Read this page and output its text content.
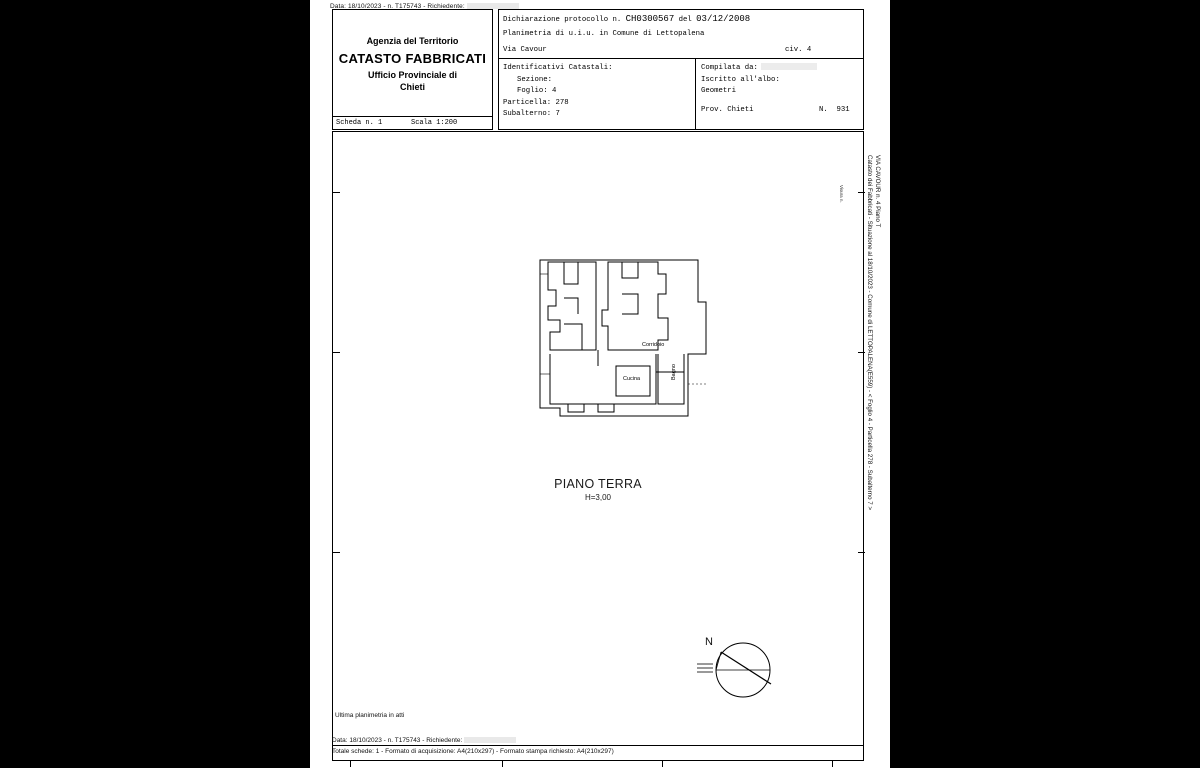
Data: 18/10/2023 - n. T175743 - Richiedente:
Agenzia del Territorio
CATASTO FABBRICATI
Ufficio Provinciale di
Chieti
Scheda n. 1	Scala 1:200
Dichiarazione protocollo n. CH0300567 del 03/12/2008
Planimetria di u.i.u. in Comune di Lettopalena
Via Cavour	civ. 4
Identificativi Catastali:
Sezione:
Foglio: 4
Particella: 278
Subalterno: 7
Compilata da:
Iscritto all'albo:
Geometri
Prov. Chieti	N. 931
Corridoio
Cucina	Bagno
PIANO TERRA
H=3,00
N
Ultima planimetria in atti
Data: 18/10/2023 - n. T175743 - Richiedente:
Totale schede: 1 - Formato di acquisizione: A4(210x297) - Formato stampa richiesto: A4(210x297)
Catasto dei Fabbricati - Situazione al 18/10/2023 - Comune di LETTOPALENA(E559) - < Foglio 4 - Particella 278 - Subalterno 7 > VIA CAVOUR n. 4 Piano T
Visura n.
